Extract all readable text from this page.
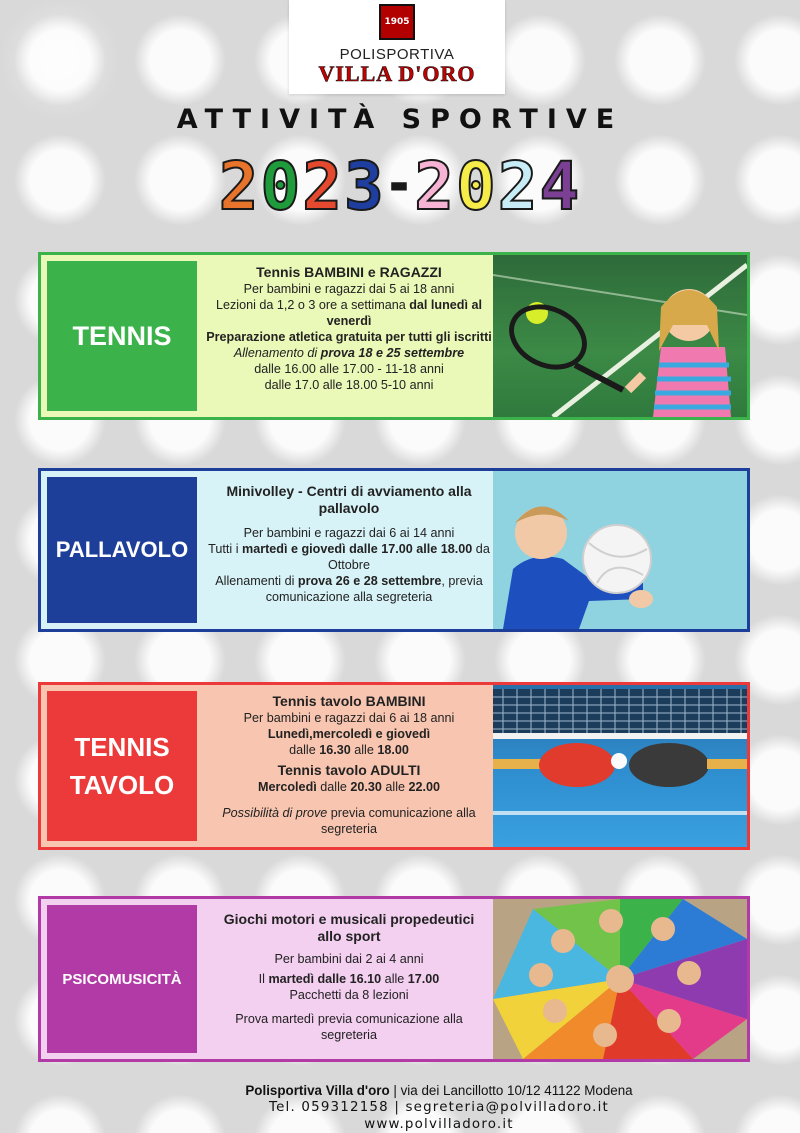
1905
POLISPORTIVA
VILLA D'ORO
ATTIVITÀ SPORTIVE
2023-2024
TENNIS
Tennis BAMBINI e RAGAZZI
Per bambini e ragazzi dai 5 ai 18 anni
Lezioni da 1,2 o 3 ore a settimana dal lunedì al venerdì
Preparazione atletica gratuita per tutti gli iscritti
Allenamento di prova 18 e 25 settembre
dalle 16.00 alle 17.00 - 11-18 anni
dalle 17.0 alle 18.00 5-10 anni
PALLAVOLO
Minivolley - Centri di avviamento alla pallavolo
Per bambini e ragazzi dai 6 ai 14 anni
Tutti i martedì e giovedì dalle 17.00 alle 18.00 da Ottobre
Allenamenti di prova 26 e 28 settembre, previa comunicazione alla segreteria
TENNIS
TAVOLO
Tennis tavolo BAMBINI
Per bambini e ragazzi dai 6 ai 18 anni
Lunedì,mercoledì e giovedì
dalle 16.30 alle 18.00
Tennis tavolo ADULTI
Mercoledì dalle 20.30 alle 22.00
Possibilità di prove previa comunicazione alla segreteria
PSICOMUSICITÀ
Giochi motori e musicali propedeutici allo sport
Per bambini dai 2 ai 4 anni
Il martedì dalle 16.10 alle 17.00
Pacchetti da 8 lezioni
Prova martedì previa comunicazione alla segreteria
Polisportiva Villa d'oro | via dei Lancillotto 10/12 41122 Modena
Tel. 059312158 | segreteria@polvilladoro.it
www.polvilladoro.it
